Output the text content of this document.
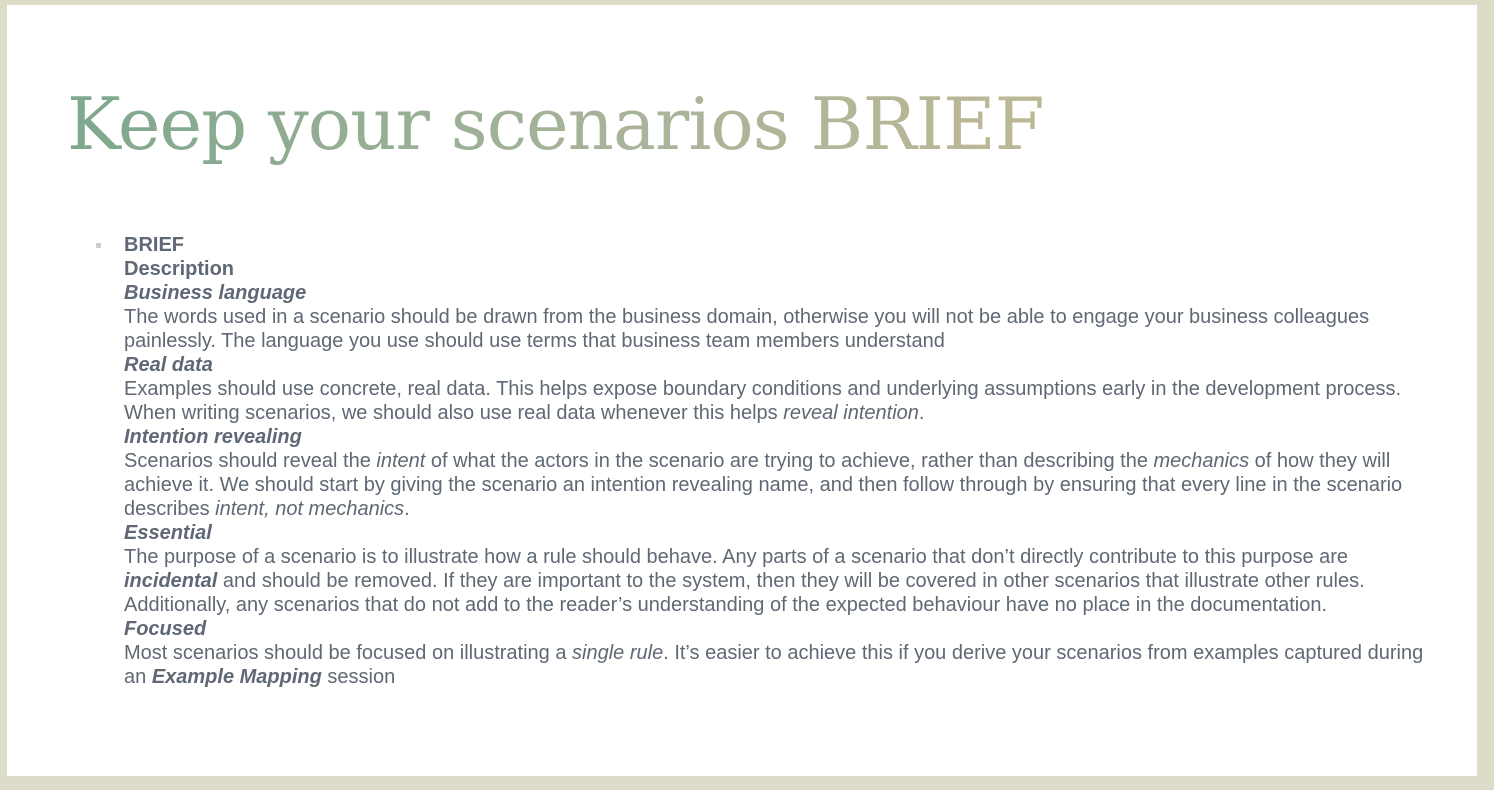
Keep your scenarios BRIEF
BRIEF
Description
Business language

The words used in a scenario should be drawn from the business domain, otherwise you will not be able to engage your business colleagues painlessly. The language you use should use terms that business team members understand

Real data

Examples should use concrete, real data. This helps expose boundary conditions and underlying assumptions early in the development process. When writing scenarios, we should also use real data whenever this helps reveal intention.

Intention revealing

Scenarios should reveal the intent of what the actors in the scenario are trying to achieve, rather than describing the mechanics of how they will achieve it. We should start by giving the scenario an intention revealing name, and then follow through by ensuring that every line in the scenario describes intent, not mechanics.

Essential

The purpose of a scenario is to illustrate how a rule should behave. Any parts of a scenario that don’t directly contribute to this purpose are incidental and should be removed. If they are important to the system, then they will be covered in other scenarios that illustrate other rules. Additionally, any scenarios that do not add to the reader’s understanding of the expected behaviour have no place in the documentation.

Focused

Most scenarios should be focused on illustrating a single rule. It’s easier to achieve this if you derive your scenarios from examples captured during an Example Mapping session
